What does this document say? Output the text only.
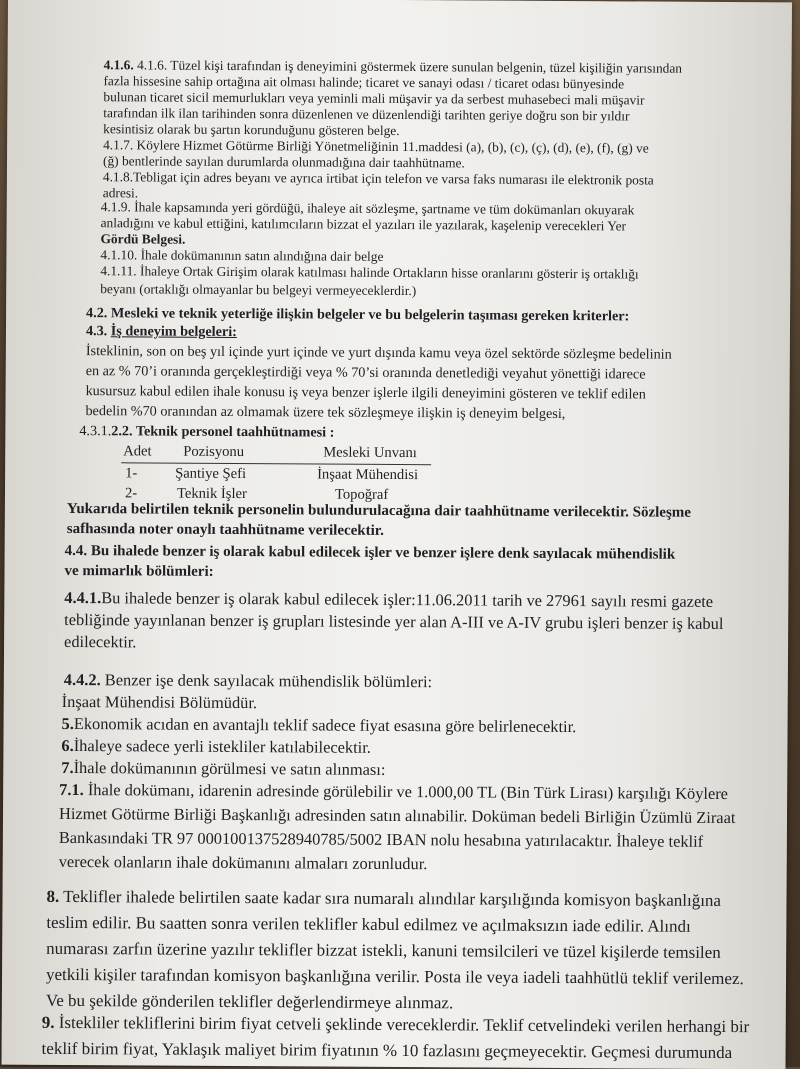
4.1.6. 4.1.6. Tüzel kişi tarafından iş deneyimini göstermek üzere sunulan belgenin, tüzel kişiliğin yarısından
fazla hissesine sahip ortağına ait olması halinde; ticaret ve sanayi odası / ticaret odası bünyesinde
bulunan ticaret sicil memurlukları veya yeminli mali müşavir ya da serbest muhasebeci mali müşavir
tarafından ilk ilan tarihinden sonra düzenlenen ve düzenlendiği tarihten geriye doğru son bir yıldır
kesintisiz olarak bu şartın korunduğunu gösteren belge.
4.1.7. Köylere Hizmet Götürme Birliği Yönetmeliğinin 11.maddesi (a), (b), (c), (ç), (d), (e), (f), (g) ve
(ğ) bentlerinde sayılan durumlarda olunmadığına dair taahhütname.
4.1.8.Tebligat için adres beyanı ve ayrıca irtibat için telefon ve varsa faks numarası ile elektronik posta
adresi.
4.1.9. İhale kapsamında yeri gördüğü, ihaleye ait sözleşme, şartname ve tüm dokümanları okuyarak
anladığını ve kabul ettiğini, katılımcıların bizzat el yazıları ile yazılarak, kaşelenip verecekleri Yer
Gördü Belgesi.
4.1.10. İhale dokümanının satın alındığına dair belge
4.1.11. İhaleye Ortak Girişim olarak katılması halinde Ortakların hisse oranlarını gösterir iş ortaklığı
beyanı (ortaklığı olmayanlar bu belgeyi vermeyeceklerdir.)
4.2. Mesleki ve teknik yeterliğe ilişkin belgeler ve bu belgelerin taşıması gereken kriterler:
4.3. İş deneyim belgeleri:
İsteklinin, son on beş yıl içinde yurt içinde ve yurt dışında kamu veya özel sektörde sözleşme bedelinin
en az % 70’i oranında gerçekleştirdiği veya % 70’si oranında denetlediği veyahut yönettiği idarece
kusursuz kabul edilen ihale konusu iş veya benzer işlerle ilgili deneyimini gösteren ve teklif edilen
bedelin %70 oranından az olmamak üzere tek sözleşmeye ilişkin iş deneyim belgesi,
4.3.1.2.2. Teknik personel taahhütnamesi :
Adet Pozisyonu	Mesleki Unvanı
1-	Şantiye Şefi	İnşaat Mühendisi
2-	Teknik İşler	Topoğraf
Yukarıda belirtilen teknik personelin bulundurulacağına dair taahhütname verilecektir. Sözleşme
safhasında noter onaylı taahhütname verilecektir.
4.4. Bu ihalede benzer iş olarak kabul edilecek işler ve benzer işlere denk sayılacak mühendislik
ve mimarlık bölümleri:
4.4.1.Bu ihalede benzer iş olarak kabul edilecek işler:11.06.2011 tarih ve 27961 sayılı resmi gazete
tebliğinde yayınlanan benzer iş grupları listesinde yer alan A-III ve A-IV grubu işleri benzer iş kabul
edilecektir.
4.4.2. Benzer işe denk sayılacak mühendislik bölümleri:
İnşaat Mühendisi Bölümüdür.
5.Ekonomik acıdan en avantajlı teklif sadece fiyat esasına göre belirlenecektir.
6.İhaleye sadece yerli istekliler katılabilecektir.
7.İhale dokümanının görülmesi ve satın alınması:
7.1. İhale dokümanı, idarenin adresinde görülebilir ve 1.000,00 TL (Bin Türk Lirası) karşılığı Köylere
Hizmet Götürme Birliği Başkanlığı adresinden satın alınabilir. Doküman bedeli Birliğin Üzümlü Ziraat
Bankasındaki TR 97 000100137528940785/5002 IBAN nolu hesabına yatırılacaktır. İhaleye teklif
verecek olanların ihale dokümanını almaları zorunludur.
8. Teklifler ihalede belirtilen saate kadar sıra numaralı alındılar karşılığında komisyon başkanlığına
teslim edilir. Bu saatten sonra verilen teklifler kabul edilmez ve açılmaksızın iade edilir. Alındı
numarası zarfın üzerine yazılır teklifler bizzat istekli, kanuni temsilcileri ve tüzel kişilerde temsilen
yetkili kişiler tarafından komisyon başkanlığına verilir. Posta ile veya iadeli taahhütlü teklif verilemez.
Ve bu şekilde gönderilen teklifler değerlendirmeye alınmaz.
9. İstekliler tekliflerini birim fiyat cetveli şeklinde vereceklerdir. Teklif cetvelindeki verilen herhangi bir
teklif birim fiyat, Yaklaşık maliyet birim fiyatının % 10 fazlasını geçmeyecektir. Geçmesi durumunda
